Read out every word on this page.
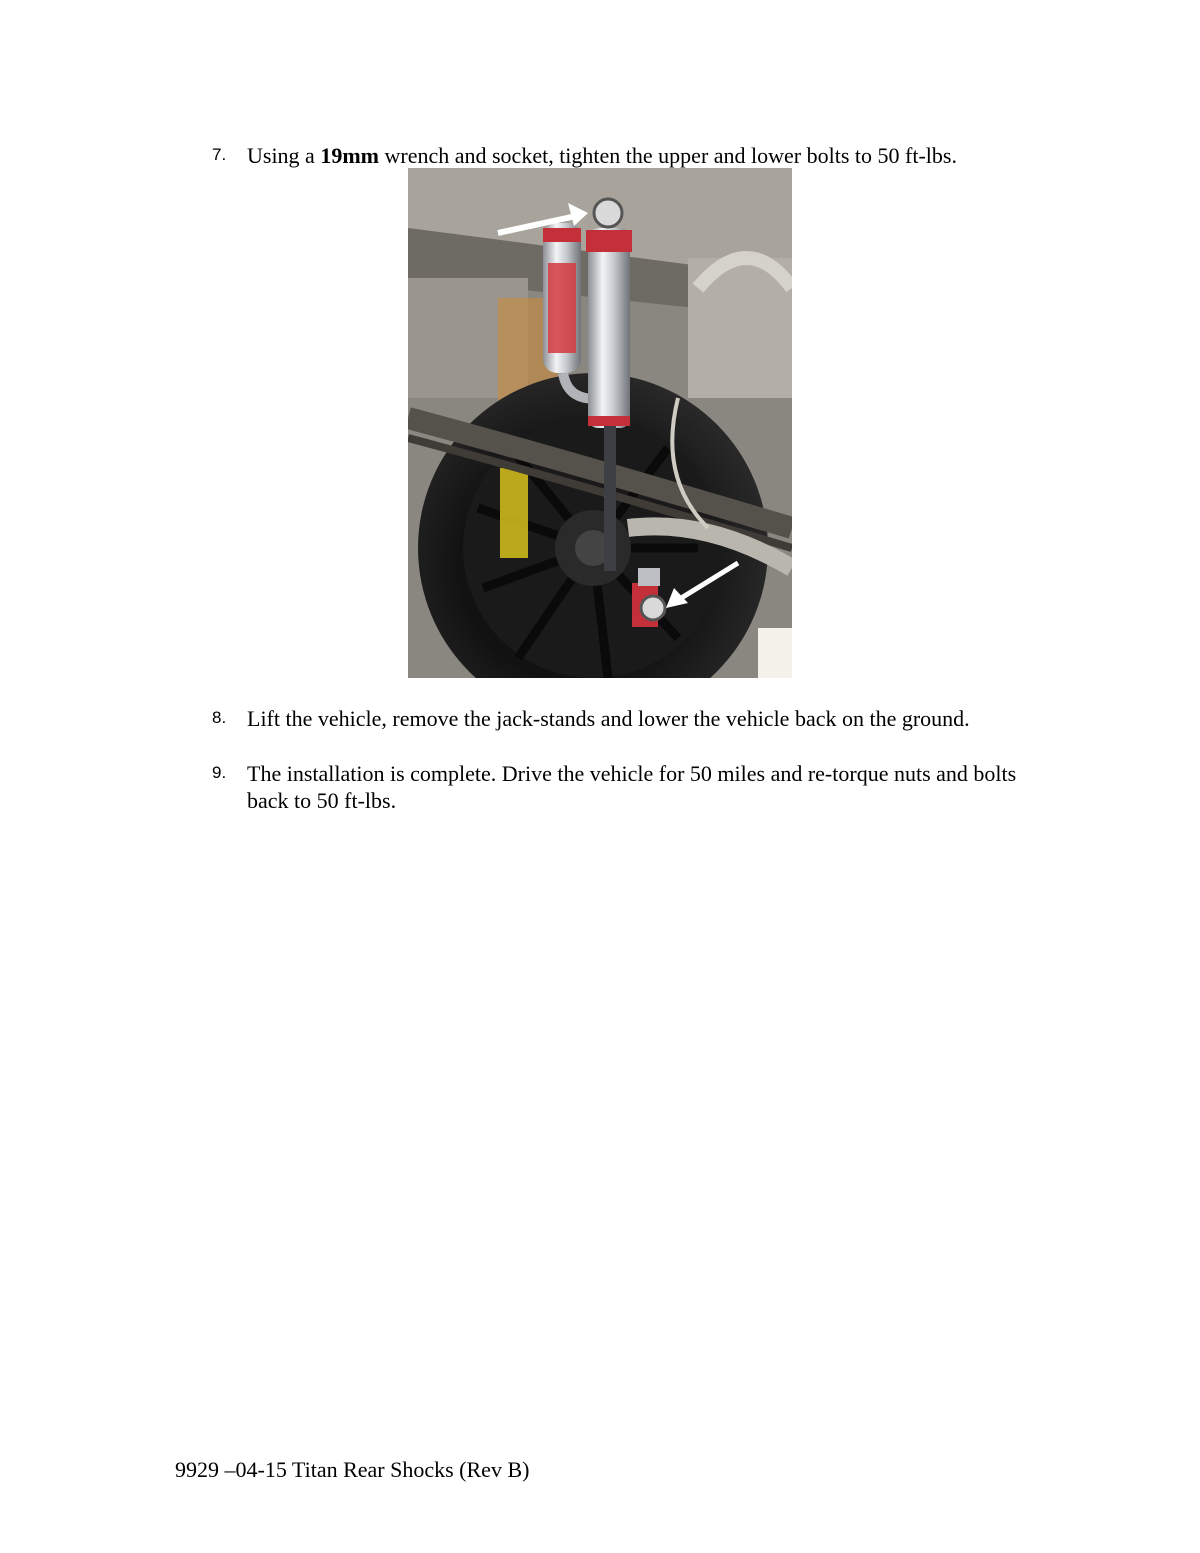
7. Using a 19mm wrench and socket, tighten the upper and lower bolts to 50 ft-lbs.
8. Lift the vehicle, remove the jack-stands and lower the vehicle back on the ground.
9. The installation is complete. Drive the vehicle for 50 miles and re-torque nuts and bolts back to 50 ft-lbs.
9929 –04-15 Titan Rear Shocks (Rev B)
